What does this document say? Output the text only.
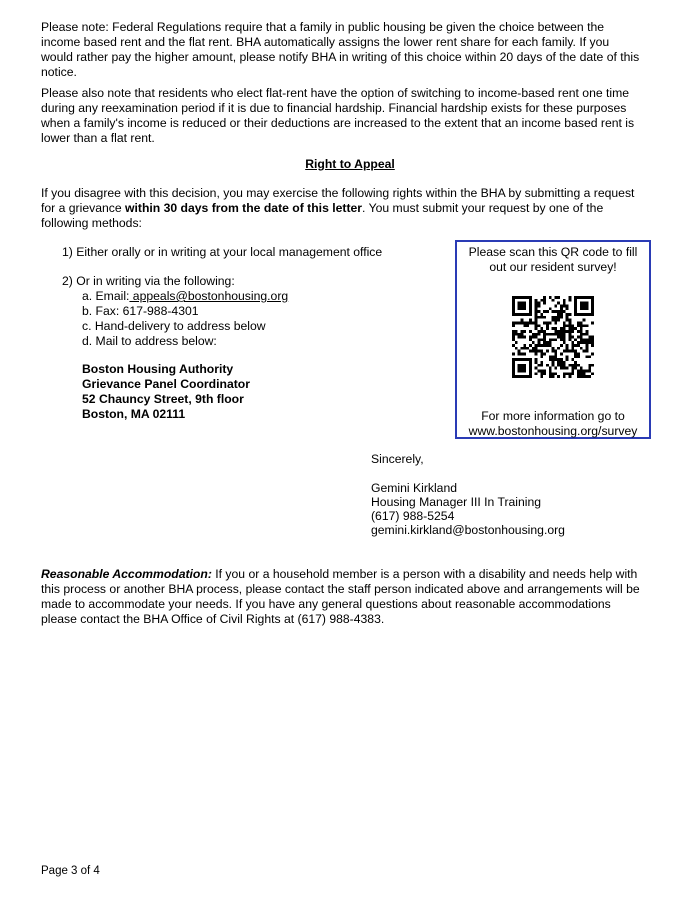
Please note: Federal Regulations require that a family in public housing be given the choice between the income based rent and the flat rent. BHA automatically assigns the lower rent share for each family. If you would rather pay the higher amount, please notify BHA in writing of this choice within 20 days of the date of this notice.

Please also note that residents who elect flat-rent have the option of switching to income-based rent one time during any reexamination period if it is due to financial hardship. Financial hardship exists for these purposes when a family's income is reduced or their deductions are increased to the extent that an income based rent is lower than a flat rent.

Right to Appeal

If you disagree with this decision, you may exercise the following rights within the BHA by submitting a request for a grievance within 30 days from the date of this letter. You must submit your request by one of the following methods:

1) Either orally or in writing at your local management office
2) Or in writing via the following:
a. Email: appeals@bostonhousing.org
b. Fax: 617-988-4301
c. Hand-delivery to address below
d. Mail to address below:
Boston Housing Authority
Grievance Panel Coordinator
52 Chauncy Street, 9th floor
Boston, MA 02111
Please scan this QR code to fill out our resident survey!
For more information go to
www.bostonhousing.org/survey
Sincerely,
Gemini Kirkland
Housing Manager III In Training
(617) 988-5254
gemini.kirkland@bostonhousing.org

Reasonable Accommodation: If you or a household member is a person with a disability and needs help with this process or another BHA process, please contact the staff person indicated above and arrangements will be made to accommodate your needs. If you have any general questions about reasonable accommodations please contact the BHA Office of Civil Rights at (617) 988-4383.

Page 3 of 4
